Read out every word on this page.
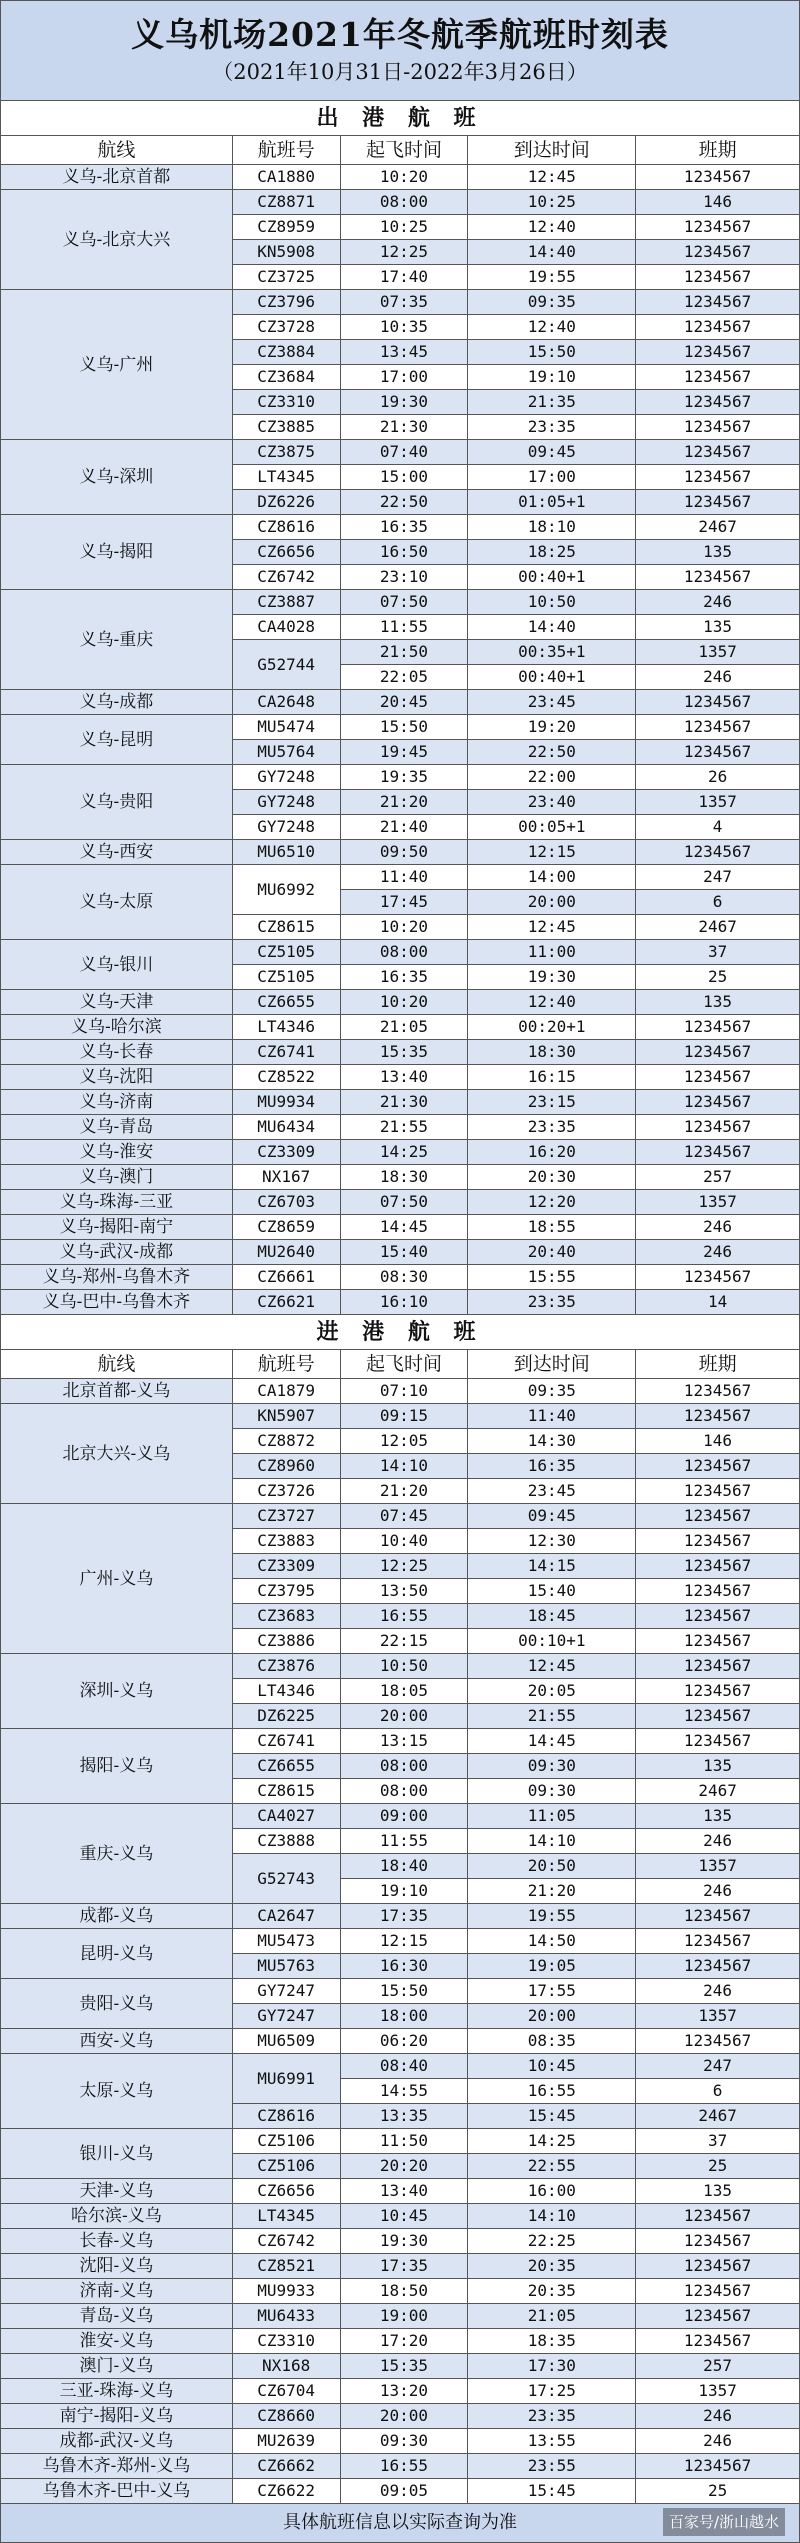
义乌机场2021年冬航季航班时刻表
（2021年10月31日-2022年3月26日）
出 港 航 班				
航线	航班号	起飞时间	到达时间	班期
义乌-北京首都	CA1880	10:20	12:45	1234567
义乌-北京大兴	CZ8871	08:00	10:25	146
	CZ8959	10:25	12:40	1234567
	KN5908	12:25	14:40	1234567
	CZ3725	17:40	19:55	1234567
义乌-广州	CZ3796	07:35	09:35	1234567
	CZ3728	10:35	12:40	1234567
	CZ3884	13:45	15:50	1234567
	CZ3684	17:00	19:10	1234567
	CZ3310	19:30	21:35	1234567
	CZ3885	21:30	23:35	1234567
义乌-深圳	CZ3875	07:40	09:45	1234567
	LT4345	15:00	17:00	1234567
	DZ6226	22:50	01:05+1	1234567
义乌-揭阳	CZ8616	16:35	18:10	2467
	CZ6656	16:50	18:25	135
	CZ6742	23:10	00:40+1	1234567
义乌-重庆	CZ3887	07:50	10:50	246
	CA4028	11:55	14:40	135
	G52744	21:50	00:35+1	1357
		22:05	00:40+1	246
义乌-成都	CA2648	20:45	23:45	1234567
义乌-昆明	MU5474	15:50	19:20	1234567
	MU5764	19:45	22:50	1234567
义乌-贵阳	GY7248	19:35	22:00	26
	GY7248	21:20	23:40	1357
	GY7248	21:40	00:05+1	4
义乌-西安	MU6510	09:50	12:15	1234567
义乌-太原	MU6992	11:40	14:00	247
		17:45	20:00	6
	CZ8615	10:20	12:45	2467
义乌-银川	CZ5105	08:00	11:00	37
	CZ5105	16:35	19:30	25
义乌-天津	CZ6655	10:20	12:40	135
义乌-哈尔滨	LT4346	21:05	00:20+1	1234567
义乌-长春	CZ6741	15:35	18:30	1234567
义乌-沈阳	CZ8522	13:40	16:15	1234567
义乌-济南	MU9934	21:30	23:15	1234567
义乌-青岛	MU6434	21:55	23:35	1234567
义乌-淮安	CZ3309	14:25	16:20	1234567
义乌-澳门	NX167	18:30	20:30	257
义乌-珠海-三亚	CZ6703	07:50	12:20	1357
义乌-揭阳-南宁	CZ8659	14:45	18:55	246
义乌-武汉-成都	MU2640	15:40	20:40	246
义乌-郑州-乌鲁木齐	CZ6661	08:30	15:55	1234567
义乌-巴中-乌鲁木齐	CZ6621	16:10	23:35	14
进 港 航 班				
航线	航班号	起飞时间	到达时间	班期
北京首都-义乌	CA1879	07:10	09:35	1234567
北京大兴-义乌	KN5907	09:15	11:40	1234567
	CZ8872	12:05	14:30	146
	CZ8960	14:10	16:35	1234567
	CZ3726	21:20	23:45	1234567
广州-义乌	CZ3727	07:45	09:45	1234567
	CZ3883	10:40	12:30	1234567
	CZ3309	12:25	14:15	1234567
	CZ3795	13:50	15:40	1234567
	CZ3683	16:55	18:45	1234567
	CZ3886	22:15	00:10+1	1234567
深圳-义乌	CZ3876	10:50	12:45	1234567
	LT4346	18:05	20:05	1234567
	DZ6225	20:00	21:55	1234567
揭阳-义乌	CZ6741	13:15	14:45	1234567
	CZ6655	08:00	09:30	135
	CZ8615	08:00	09:30	2467
重庆-义乌	CA4027	09:00	11:05	135
	CZ3888	11:55	14:10	246
	G52743	18:40	20:50	1357
		19:10	21:20	246
成都-义乌	CA2647	17:35	19:55	1234567
昆明-义乌	MU5473	12:15	14:50	1234567
	MU5763	16:30	19:05	1234567
贵阳-义乌	GY7247	15:50	17:55	246
	GY7247	18:00	20:00	1357
西安-义乌	MU6509	06:20	08:35	1234567
太原-义乌	MU6991	08:40	10:45	247
		14:55	16:55	6
	CZ8616	13:35	15:45	2467
银川-义乌	CZ5106	11:50	14:25	37
	CZ5106	20:20	22:55	25
天津-义乌	CZ6656	13:40	16:00	135
哈尔滨-义乌	LT4345	10:45	14:10	1234567
长春-义乌	CZ6742	19:30	22:25	1234567
沈阳-义乌	CZ8521	17:35	20:35	1234567
济南-义乌	MU9933	18:50	20:35	1234567
青岛-义乌	MU6433	19:00	21:05	1234567
淮安-义乌	CZ3310	17:20	18:35	1234567
澳门-义乌	NX168	15:35	17:30	257
三亚-珠海-义乌	CZ6704	13:20	17:25	1357
南宁-揭阳-义乌	CZ8660	20:00	23:35	246
成都-武汉-义乌	MU2639	09:30	13:55	246
乌鲁木齐-郑州-义乌	CZ6662	16:55	23:55	1234567
乌鲁木齐-巴中-义乌	CZ6622	09:05	15:45	25
具体航班信息以实际查询为准	百家号/浙山越水
